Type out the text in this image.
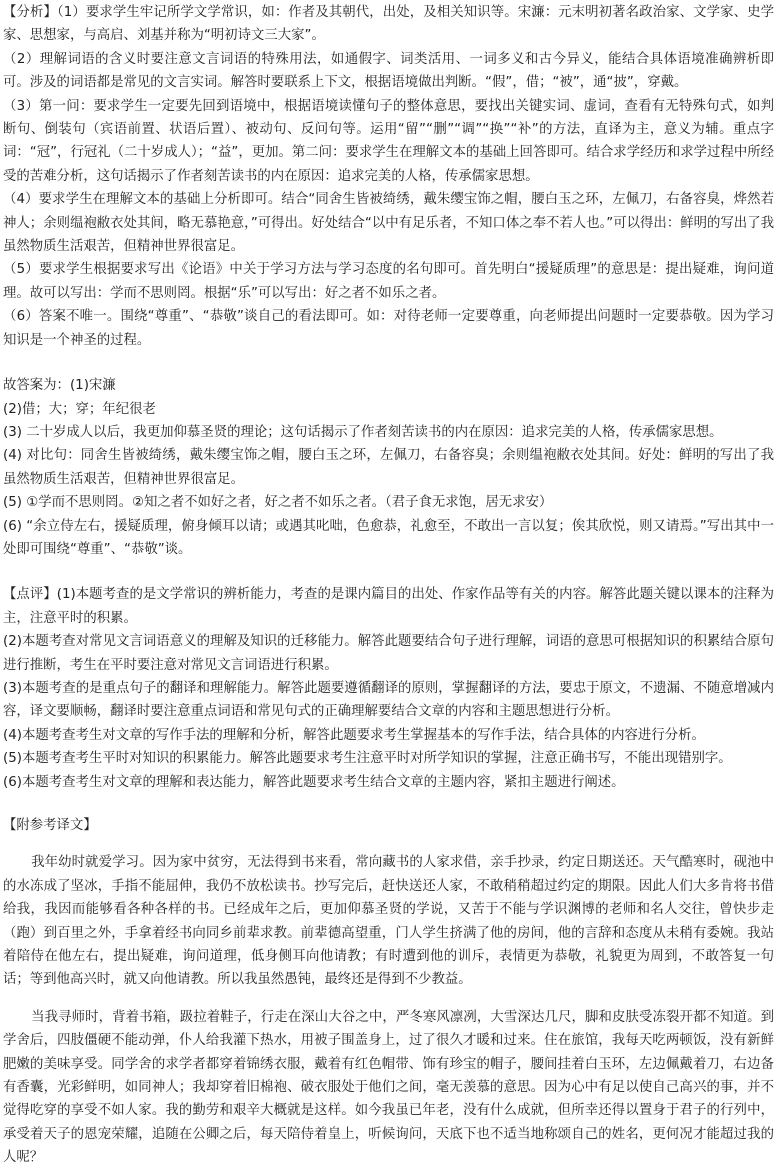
【分析】（1）要求学生牢记所学文学常识，如：作者及其朝代，出处，及相关知识等。宋濂：元末明初著名政治家、文学家、史学家、思想家，与高启、刘基并称为“明初诗文三大家”。

（2）理解词语的含义时要注意文言词语的特殊用法，如通假字、词类活用、一词多义和古今异义，能结合具体语境准确辨析即可。涉及的词语都是常见的文言实词。解答时要联系上下文，根据语境做出判断。“假”，借；“被”，通“披”，穿戴。

（3）第一问：要求学生一定要先回到语境中，根据语境读懂句子的整体意思，要找出关键实词、虚词，查看有无特殊句式，如判断句、倒装句（宾语前置、状语后置）、被动句、反问句等。运用“留”“删”“调”“换”“补”的方法，直译为主，意义为辅。重点字词：“冠”，行冠礼（二十岁成人）；“益”，更加。第二问：要求学生在理解文本的基础上回答即可。结合求学经历和求学过程中所经受的苦难分析，这句话揭示了作者刻苦读书的内在原因：追求完美的人格，传承儒家思想。

（4）要求学生在理解文本的基础上分析即可。结合“同舍生皆被绮绣，戴朱缨宝饰之帽，腰白玉之环，左佩刀，右备容臭，烨然若神人；余则缊袍敝衣处其间，略无慕艳意，”可得出。好处结合“以中有足乐者，不知口体之奉不若人也。”可以得出：鲜明的写出了我虽然物质生活艰苦，但精神世界很富足。

（5）要求学生根据要求写出《论语》中关于学习方法与学习态度的名句即可。首先明白“援疑质理”的意思是：提出疑难，询问道理。故可以写出：学而不思则罔。根据“乐”可以写出：好之者不如乐之者。

（6）答案不唯一。围绕“尊重”、“恭敬”谈自己的看法即可。如：对待老师一定要尊重，向老师提出问题时一定要恭敬。因为学习知识是一个神圣的过程。

故答案为：(1)宋濂

(2)借；大；穿；年纪很老

(3) 二十岁成人以后，我更加仰慕圣贤的理论；这句话揭示了作者刻苦读书的内在原因：追求完美的人格，传承儒家思想。

(4) 对比句：同舍生皆被绮绣，戴朱缨宝饰之帽，腰白玉之环，左佩刀，右备容臭；余则缊袍敝衣处其间。好处：鲜明的写出了我虽然物质生活艰苦，但精神世界很富足。

(5) ①学而不思则罔。②知之者不如好之者，好之者不如乐之者。（君子食无求饱，居无求安）

(6) “余立侍左右，援疑质理，俯身倾耳以请；或遇其叱咄，色愈恭，礼愈至，不敢出一言以复；俟其欣悦，则又请焉。”写出其中一处即可围绕“尊重”、“恭敬”谈。

【点评】(1)本题考查的是文学常识的辨析能力，考查的是课内篇目的出处、作家作品等有关的内容。解答此题关键以课本的注释为主，注意平时的积累。

(2)本题考查对常见文言词语意义的理解及知识的迁移能力。解答此题要结合句子进行理解，词语的意思可根据知识的积累结合原句进行推断，考生在平时要注意对常见文言词语进行积累。

(3)本题考查的是重点句子的翻译和理解能力。解答此题要遵循翻译的原则，掌握翻译的方法，要忠于原文，不遗漏、不随意增减内容，译文要顺畅，翻译时要注意重点词语和常见句式的正确理解要结合文章的内容和主题思想进行分析。

(4)本题考查考生对文章的写作手法的理解和分析，解答此题要求考生掌握基本的写作手法，结合具体的内容进行分析。

(5)本题考查考生平时对知识的积累能力。解答此题要求考生注意平时对所学知识的掌握，注意正确书写，不能出现错别字。

(6)本题考查考生对文章的理解和表达能力，解答此题要求考生结合文章的主题内容，紧扣主题进行阐述。

【附参考译文】

我年幼时就爱学习。因为家中贫穷，无法得到书来看，常向藏书的人家求借，亲手抄录，约定日期送还。天气酷寒时，砚池中的水冻成了坚冰，手指不能屈伸，我仍不放松读书。抄写完后，赶快送还人家，不敢稍稍超过约定的期限。因此人们大多肯将书借给我，我因而能够看各种各样的书。已经成年之后，更加仰慕圣贤的学说，又苦于不能与学识渊博的老师和名人交往，曾快步走（跑）到百里之外，手拿着经书向同乡前辈求教。前辈德高望重，门人学生挤满了他的房间，他的言辞和态度从未稍有委婉。我站着陪侍在他左右，提出疑难，询问道理，低身侧耳向他请教；有时遭到他的训斥，表情更为恭敬，礼貌更为周到，不敢答复一句话；等到他高兴时，就又向他请教。所以我虽然愚钝，最终还是得到不少教益。

当我寻师时，背着书箱，趿拉着鞋子，行走在深山大谷之中，严冬寒风凛冽，大雪深达几尺，脚和皮肤受冻裂开都不知道。到学舍后，四肢僵硬不能动弹，仆人给我灌下热水，用被子围盖身上，过了很久才暖和过来。住在旅馆，我每天吃两顿饭，没有新鲜肥嫩的美味享受。同学舍的求学者都穿着锦绣衣服，戴着有红色帽带、饰有珍宝的帽子，腰间挂着白玉环，左边佩戴着刀，右边备有香囊，光彩鲜明，如同神人；我却穿着旧棉袍、破衣服处于他们之间，毫无羡慕的意思。因为心中有足以使自己高兴的事，并不觉得吃穿的享受不如人家。我的勤劳和艰辛大概就是这样。如今我虽已年老，没有什么成就，但所幸还得以置身于君子的行列中，承受着天子的恩宠荣耀，追随在公卿之后，每天陪侍着皇上，听候询问，天底下也不适当地称颂自己的姓名，更何况才能超过我的人呢？
